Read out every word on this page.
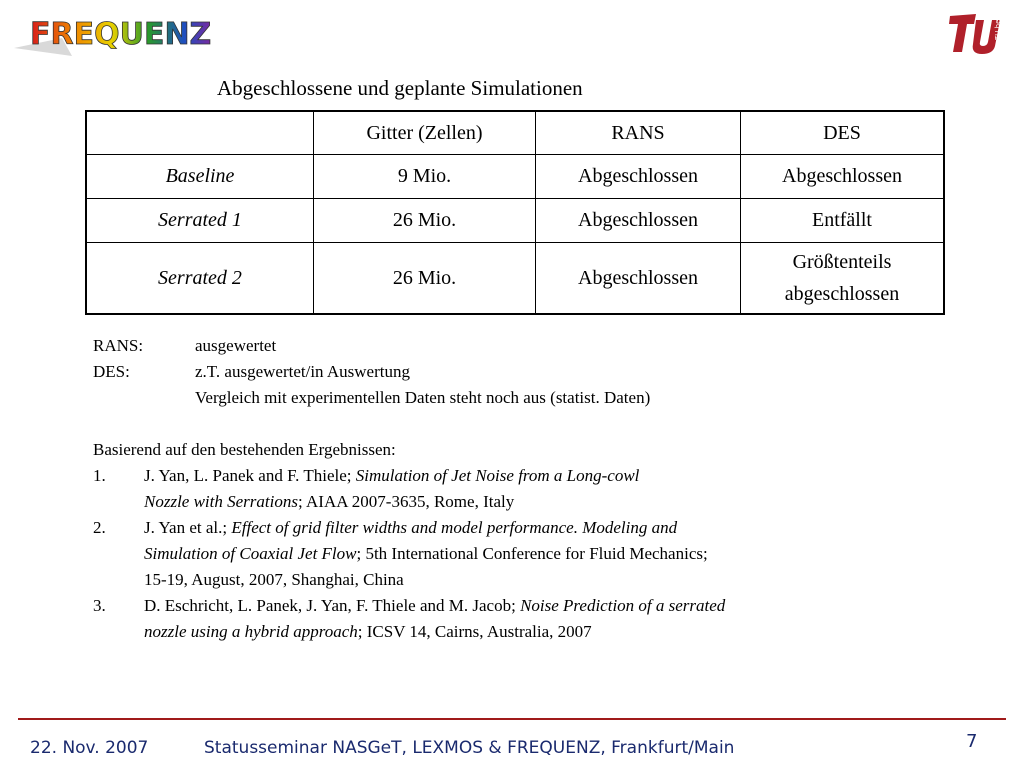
FREQUENZ	TU berlin
Abgeschlossene und geplante Simulationen
	Gitter (Zellen)	RANS	DES
Baseline	9 Mio.	Abgeschlossen	Abgeschlossen
Serrated 1	26 Mio.	Abgeschlossen	Entfällt
Serrated 2	26 Mio.	Abgeschlossen	Größtenteils abgeschlossen
RANS:	ausgewertet
DES:	z.T. ausgewertet/in Auswertung
Vergleich mit experimentellen Daten steht noch aus (statist. Daten)
Basierend auf den bestehenden Ergebnissen:
1.	J. Yan, L. Panek and F. Thiele; Simulation of Jet Noise from a Long-cowl
Nozzle with Serrations; AIAA 2007-3635, Rome, Italy
2.	J. Yan et al.; Effect of grid filter widths and model performance. Modeling and
Simulation of Coaxial Jet Flow; 5th International Conference for Fluid Mechanics;
15-19, August, 2007, Shanghai, China
3.	D. Eschricht, L. Panek, J. Yan, F. Thiele and M. Jacob; Noise Prediction of a serrated
nozzle using a hybrid approach; ICSV 14, Cairns, Australia, 2007
22. Nov. 2007	Statusseminar NASGeT, LEXMOS & FREQUENZ, Frankfurt/Main	7
